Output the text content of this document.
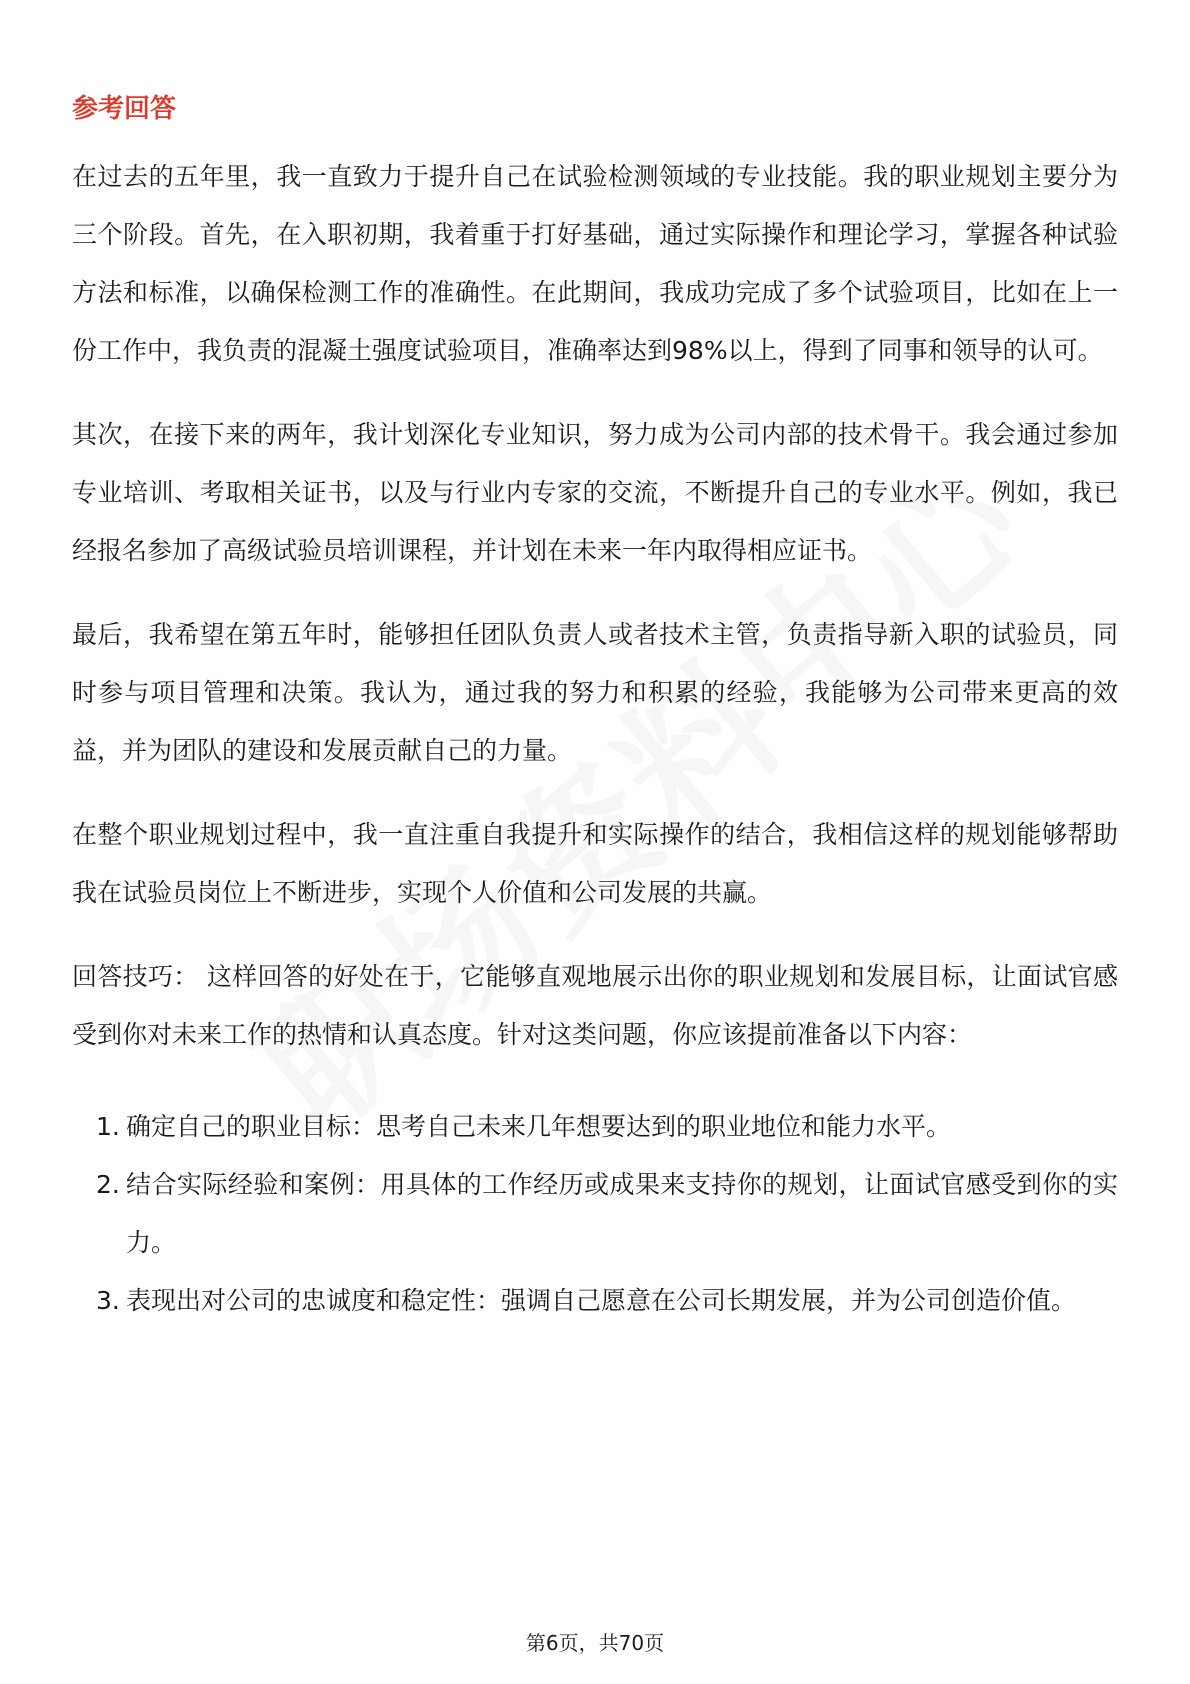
参考回答

在过去的五年里，我一直致力于提升自己在试验检测领域的专业技能。我的职业规划主要分为三个阶段。首先，在入职初期，我着重于打好基础，通过实际操作和理论学习，掌握各种试验方法和标准，以确保检测工作的准确性。在此期间，我成功完成了多个试验项目，比如在上一份工作中，我负责的混凝土强度试验项目，准确率达到98%以上，得到了同事和领导的认可。

其次，在接下来的两年，我计划深化专业知识，努力成为公司内部的技术骨干。我会通过参加专业培训、考取相关证书，以及与行业内专家的交流，不断提升自己的专业水平。例如，我已经报名参加了高级试验员培训课程，并计划在未来一年内取得相应证书。

最后，我希望在第五年时，能够担任团队负责人或者技术主管，负责指导新入职的试验员，同时参与项目管理和决策。我认为，通过我的努力和积累的经验，我能够为公司带来更高的效益，并为团队的建设和发展贡献自己的力量。

在整个职业规划过程中，我一直注重自我提升和实际操作的结合，我相信这样的规划能够帮助我在试验员岗位上不断进步，实现个人价值和公司发展的共赢。

回答技巧： 这样回答的好处在于，它能够直观地展示出你的职业规划和发展目标，让面试官感受到你对未来工作的热情和认真态度。针对这类问题，你应该提前准备以下内容：

1. 确定自己的职业目标：思考自己未来几年想要达到的职业地位和能力水平。
2. 结合实际经验和案例：用具体的工作经历或成果来支持你的规划，让面试官感受到你的实力。
3. 表现出对公司的忠诚度和稳定性：强调自己愿意在公司长期发展，并为公司创造价值。
第6页，共70页
